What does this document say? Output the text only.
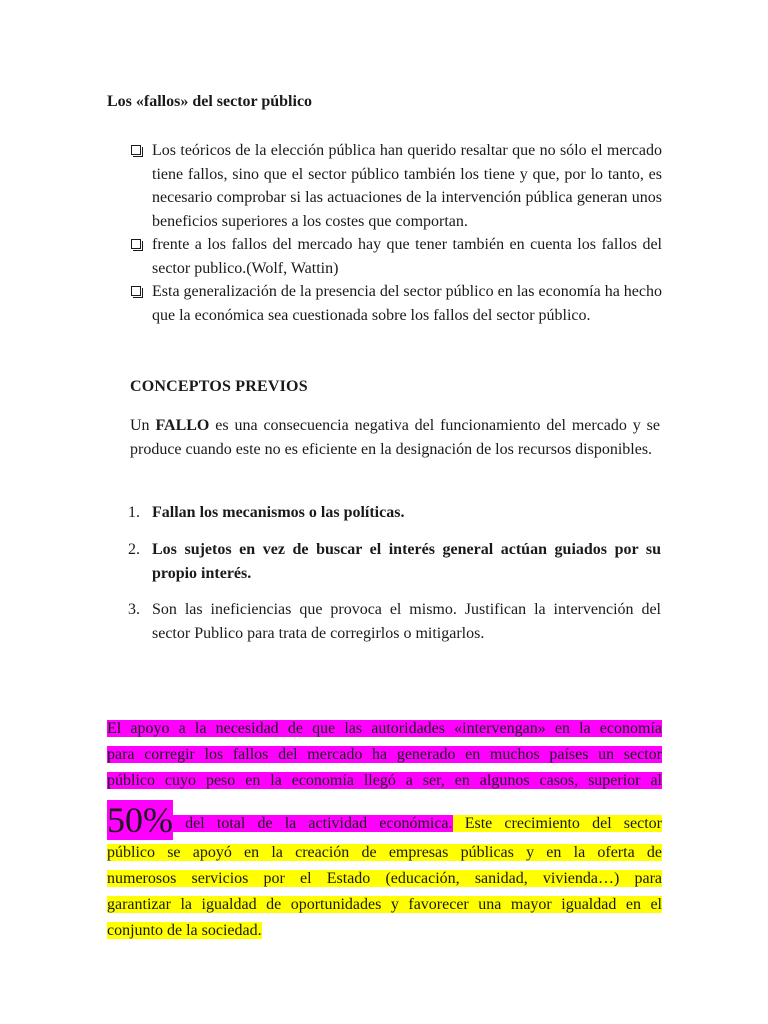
Los «fallos» del sector público
Los teóricos de la elección pública han querido resaltar que no sólo el mercado tiene fallos, sino que el sector público también los tiene y que, por lo tanto, es necesario comprobar si las actuaciones de la intervención pública generan unos beneficios superiores a los costes que comportan.
frente a los fallos del mercado hay que tener también en cuenta los fallos del sector publico.(Wolf, Wattin)
Esta generalización de la presencia del sector público en las economía ha hecho que la económica sea cuestionada sobre los fallos del sector público.
CONCEPTOS PREVIOS
Un FALLO es una consecuencia negativa del funcionamiento del mercado y se produce cuando este no es eficiente en la designación de los recursos disponibles.
1. Fallan los mecanismos o las políticas.
2. Los sujetos en vez de buscar el interés general actúan guiados por su propio interés.
3. Son las ineficiencias que provoca el mismo. Justifican la intervención del sector Publico para trata de corregirlos o mitigarlos.
El apoyo a la necesidad de que las autoridades «intervengan» en la economía
para corregir los fallos del mercado ha generado en muchos países un sector
público cuyo peso en la economía llegó a ser, en algunos casos, superior al
50% del total de la actividad económica. Este crecimiento del sector
público se apoyó en la creación de empresas públicas y en la oferta de
numerosos servicios por el Estado (educación, sanidad, vivienda…) para
garantizar la igualdad de oportunidades y favorecer una mayor igualdad en el
conjunto de la sociedad.
